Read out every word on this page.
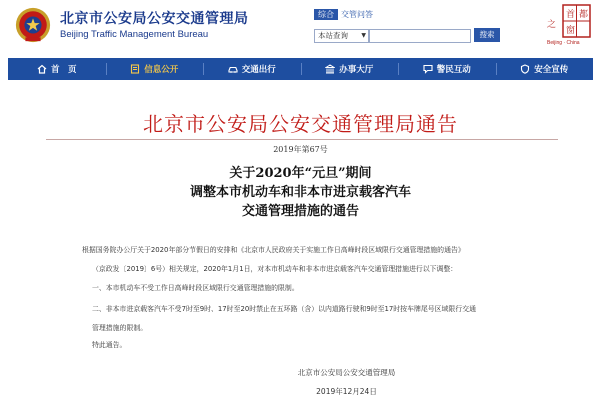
北京市公安局公安交通管理局
Beijing Traffic Management Bureau
综合 交管问答
本站查询 ▼	搜索
首 都
之
窗
Beijing · China
首　页	信息公开	交通出行	办事大厅	警民互动	安全宣传
北京市公安局公安交通管理局通告
2019年第67号
关于2020年“元旦”期间
调整本市机动车和非本市进京载客汽车
交通管理措施的通告
根据国务院办公厅关于2020年部分节假日的安排和《北京市人民政府关于实施工作日高峰时段区域限行交通管理措施的通告》
（京政发〔2019〕6号）相关规定，2020年1月1日，对本市机动车和非本市进京载客汽车交通管理措施进行以下调整：
一、本市机动车不受工作日高峰时段区域限行交通管理措施的限制。
二、非本市进京载客汽车不受7时至9时、17时至20时禁止在五环路（含）以内道路行驶和9时至17时按车牌尾号区域限行交通
管理措施的限制。
特此通告。
北京市公安局公安交通管理局
2019年12月24日
